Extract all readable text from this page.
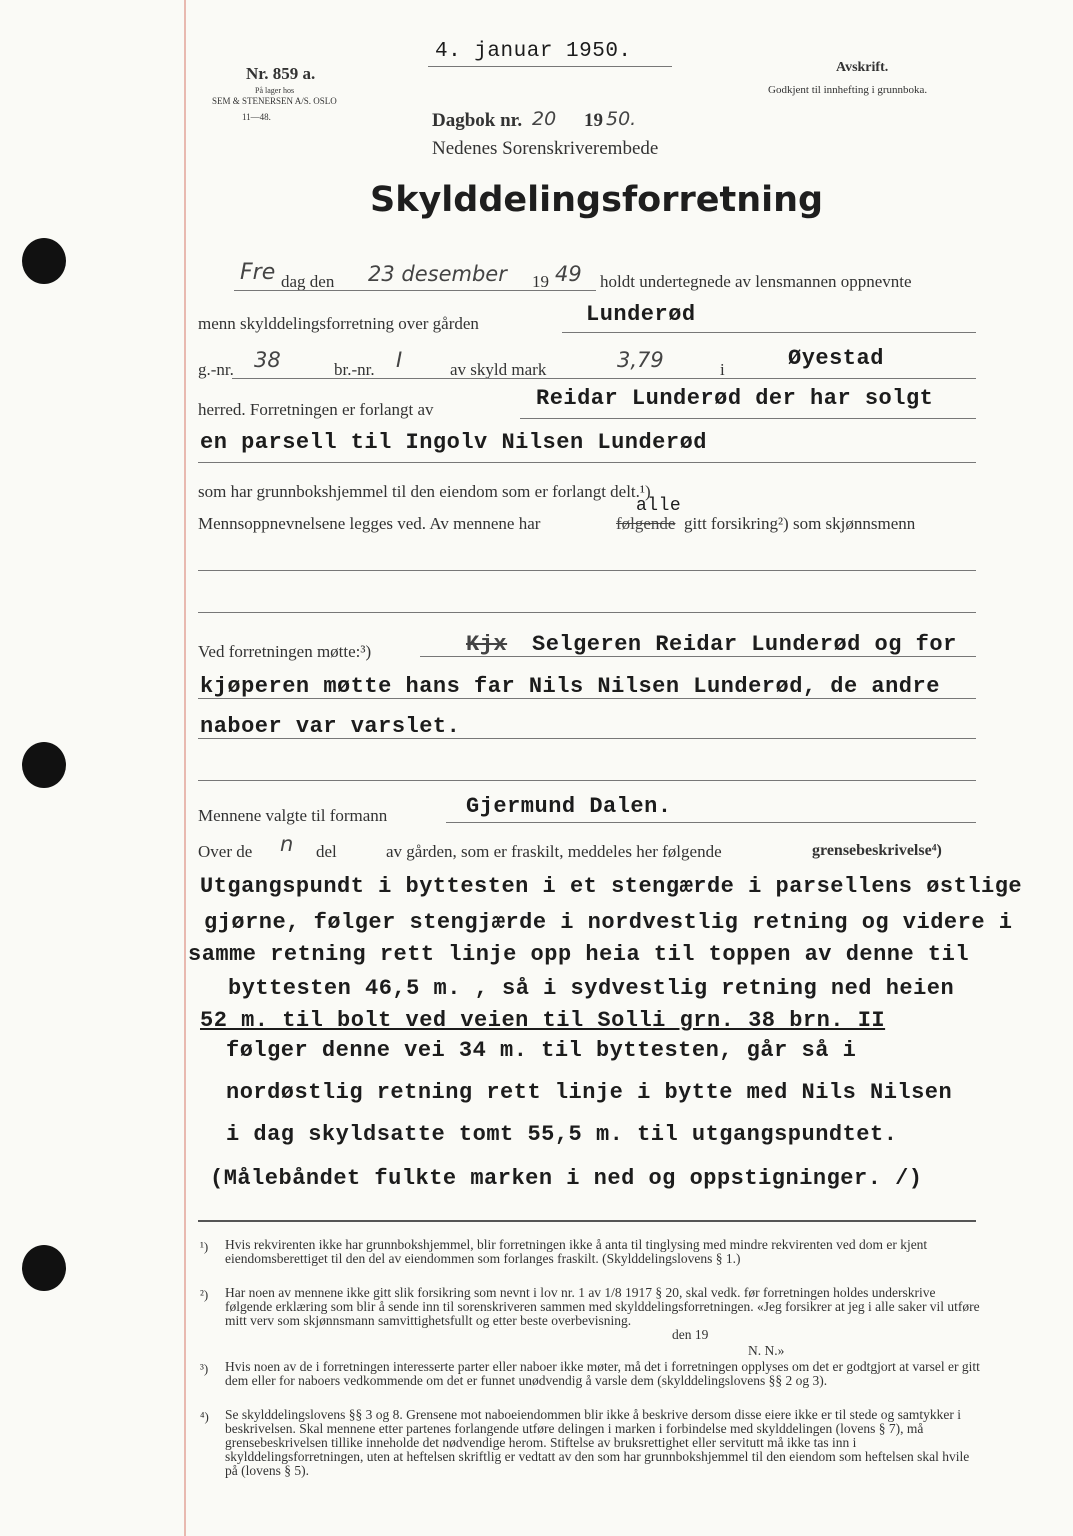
Nr. 859 a.
På lager hos
SEM & STENERSEN A/S. OSLO
11—48.
4. januar 1950.
Avskrift.
Godkjent til innhefting i grunnboka.
Dagbok nr. 20 19 50.
Nedenes Sorenskriverembede
Skylddelingsforretning
Fre dag den 23 desember 19 49 holdt undertegnede av lensmannen oppnevnte
menn skylddelingsforretning over gården	Lunderød
g.-nr. 38	br.-nr. I	av skyld mark	3,79	i	Øyestad
herred. Forretningen er forlangt av	Reidar Lunderød der har solgt
en parsell til Ingolv Nilsen Lunderød
som har grunnbokshjemmel til den eiendom som er forlangt delt.¹)
Mennsoppnevnelsene legges ved. Av mennene har
alle
følgende gitt forsikring²) som skjønnsmenn
Ved forretningen møtte:³)	Kjx Selgeren Reidar Lunderød og for
kjøperen møtte hans far Nils Nilsen Lunderød, de andre
naboer var varslet.
Mennene valgte til formann	Gjermund Dalen.
Over de n del	av gården, som er fraskilt, meddeles her følgende	grensebeskrivelse⁴)
Utgangspundt i byttesten i et stengærde i parsellens østlige
gjørne, følger stengjærde i nordvestlig retning og videre i
samme retning rett linje opp heia til toppen av denne til
byttesten 46,5 m. , så i sydvestlig retning ned heien
52 m. til bolt ved veien til Solli grn. 38 brn. II
følger denne vei 34 m. til byttesten, går så i
nordøstlig retning rett linje i bytte med Nils Nilsen
i dag skyldsatte tomt 55,5 m. til utgangspundtet.
(Målebåndet fulkte marken i ned og oppstigninger. /)
¹) Hvis rekvirenten ikke har grunnbokshjemmel, blir forretningen ikke å anta til tinglysing med mindre rekvirenten ved dom er kjent eiendomsberettiget til den del av eiendommen som forlanges fraskilt. (Skylddelingslovens § 1.)
²) Har noen av mennene ikke gitt slik forsikring som nevnt i lov nr. 1 av 1/8 1917 § 20, skal vedk. før forretningen holdes underskrive følgende erklæring som blir å sende inn til sorenskriveren sammen med skylddelingsforretningen. «Jeg forsikrer at jeg i alle saker vil utføre mitt verv som skjønnsmann samvittighetsfullt og etter beste overbevisning.
den 19
N. N.»
³) Hvis noen av de i forretningen interesserte parter eller naboer ikke møter, må det i forretningen opplyses om det er godtgjort at varsel er gitt dem eller for naboers vedkommende om det er funnet unødvendig å varsle dem (skylddelingslovens §§ 2 og 3).
⁴) Se skylddelingslovens §§ 3 og 8. Grensene mot naboeiendommen blir ikke å beskrive dersom disse eiere ikke er til stede og samtykker i beskrivelsen. Skal mennene etter partenes forlangende utføre delingen i marken i forbindelse med skylddelingen (lovens § 7), må grensebeskrivelsen tillike inneholde det nødvendige herom. Stiftelse av bruksrettighet eller servitutt må ikke tas inn i skylddelingsforretningen, uten at heftelsen skriftlig er vedtatt av den som har grunnbokshjemmel til den eiendom som heftelsen skal hvile på (lovens § 5).
